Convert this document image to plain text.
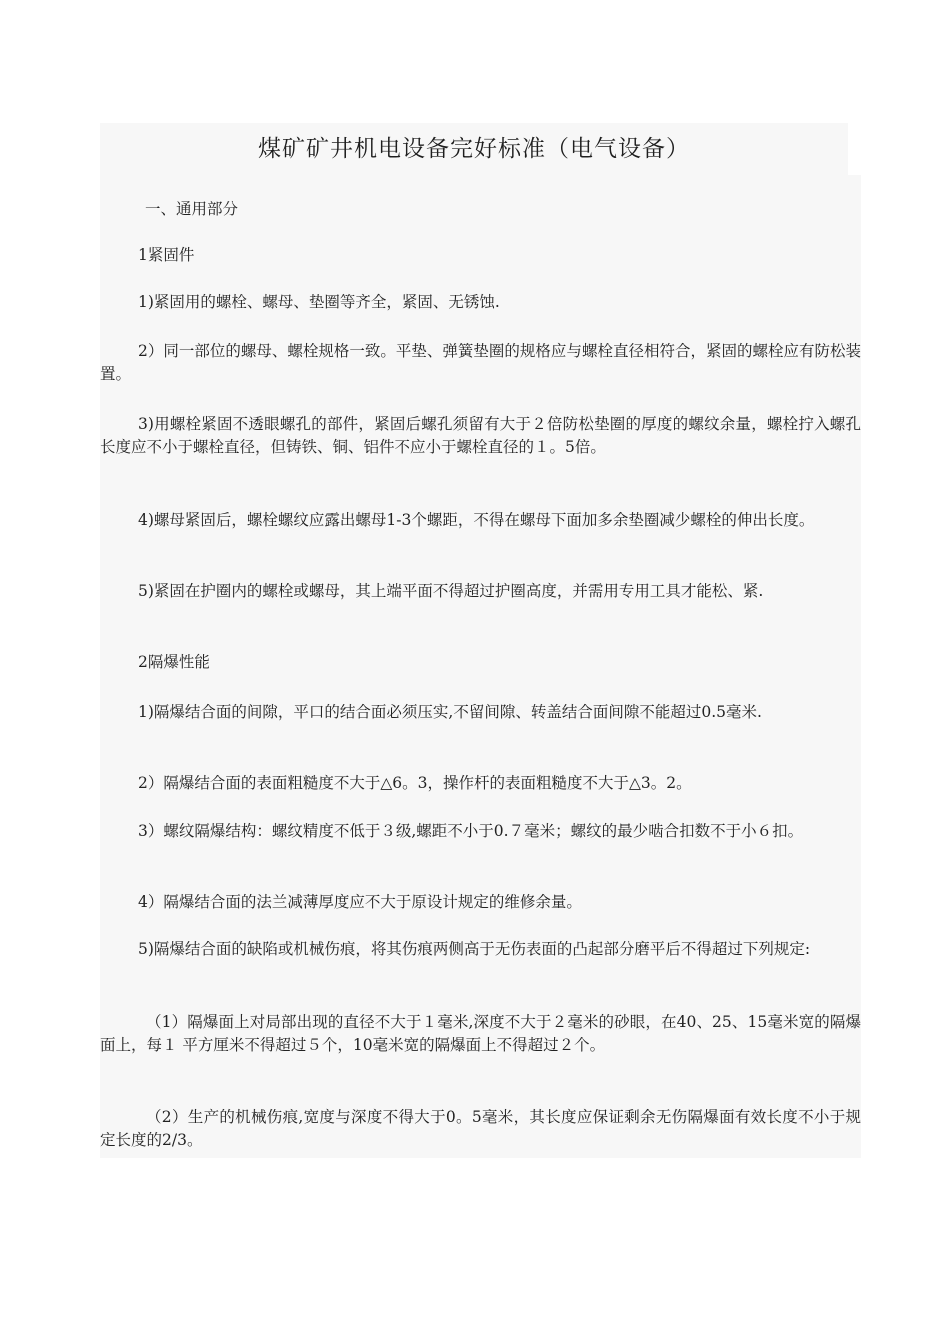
煤矿矿井机电设备完好标准（电气设备）

一、通用部分

1紧固件

1)紧固用的螺栓、螺母、垫圈等齐全，紧固、无锈蚀.

2）同一部位的螺母、螺栓规格一致。平垫、弹簧垫圈的规格应与螺栓直径相符合，紧固的螺栓应有防松装置。

3)用螺栓紧固不透眼螺孔的部件，紧固后螺孔须留有大于２倍防松垫圈的厚度的螺纹余量，螺栓拧入螺孔长度应不小于螺栓直径，但铸铁、铜、铝件不应小于螺栓直径的１。5倍。

4)螺母紧固后，螺栓螺纹应露出螺母1-3个螺距，不得在螺母下面加多余垫圈减少螺栓的伸出长度。

5)紧固在护圈内的螺栓或螺母，其上端平面不得超过护圈高度，并需用专用工具才能松、紧.

2隔爆性能

1)隔爆结合面的间隙，平口的结合面必须压实,不留间隙、转盖结合面间隙不能超过0.5毫米.

2）隔爆结合面的表面粗糙度不大于△6。3，操作杆的表面粗糙度不大于△3。2。

3）螺纹隔爆结构：螺纹精度不低于３级,螺距不小于0.７毫米；螺纹的最少啮合扣数不于小６扣。

4）隔爆结合面的法兰减薄厚度应不大于原设计规定的维修余量。

5)隔爆结合面的缺陷或机械伤痕，将其伤痕两侧高于无伤表面的凸起部分磨平后不得超过下列规定:

（1）隔爆面上对局部出现的直径不大于１毫米,深度不大于２毫米的砂眼，在40、25、15毫米宽的隔爆面上，每１ 平方厘米不得超过５个，10毫米宽的隔爆面上不得超过２个。

（2）生产的机械伤痕,宽度与深度不得大于0。5毫米，其长度应保证剩余无伤隔爆面有效长度不小于规定长度的2/3。
